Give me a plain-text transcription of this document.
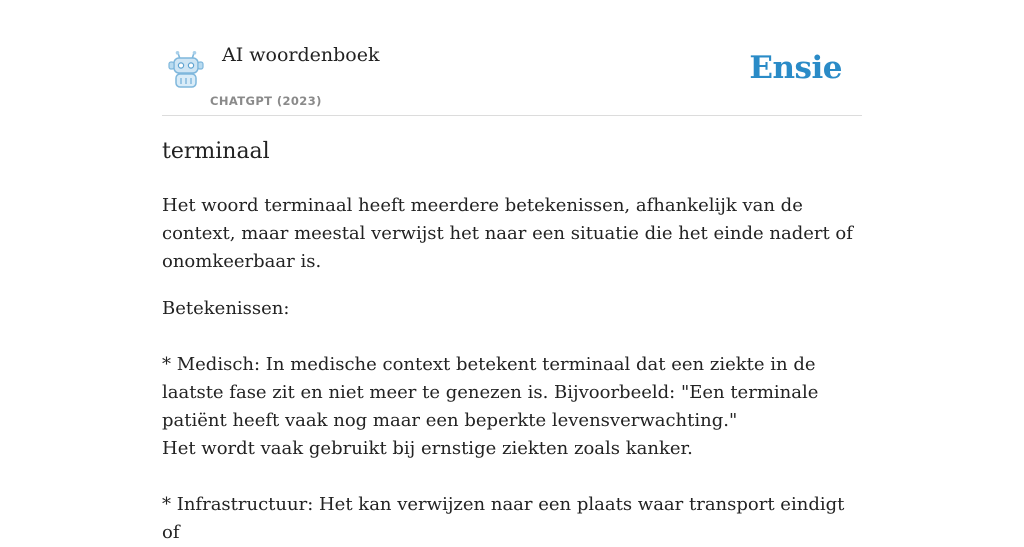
AI woordenboek
CHATGPT (2023)
Ensie
terminaal

Het woord terminaal heeft meerdere betekenissen, afhankelijk van de context, maar meestal verwijst het naar een situatie die het einde nadert of onomkeerbaar is.

Betekenissen:

* Medisch: In medische context betekent terminaal dat een ziekte in de laatste fase zit en niet meer te genezen is. Bijvoorbeeld: "Een terminale patiënt heeft vaak nog maar een beperkte levensverwachting."

Het wordt vaak gebruikt bij ernstige ziekten zoals kanker.

* Infrastructuur: Het kan verwijzen naar een plaats waar transport eindigt of
